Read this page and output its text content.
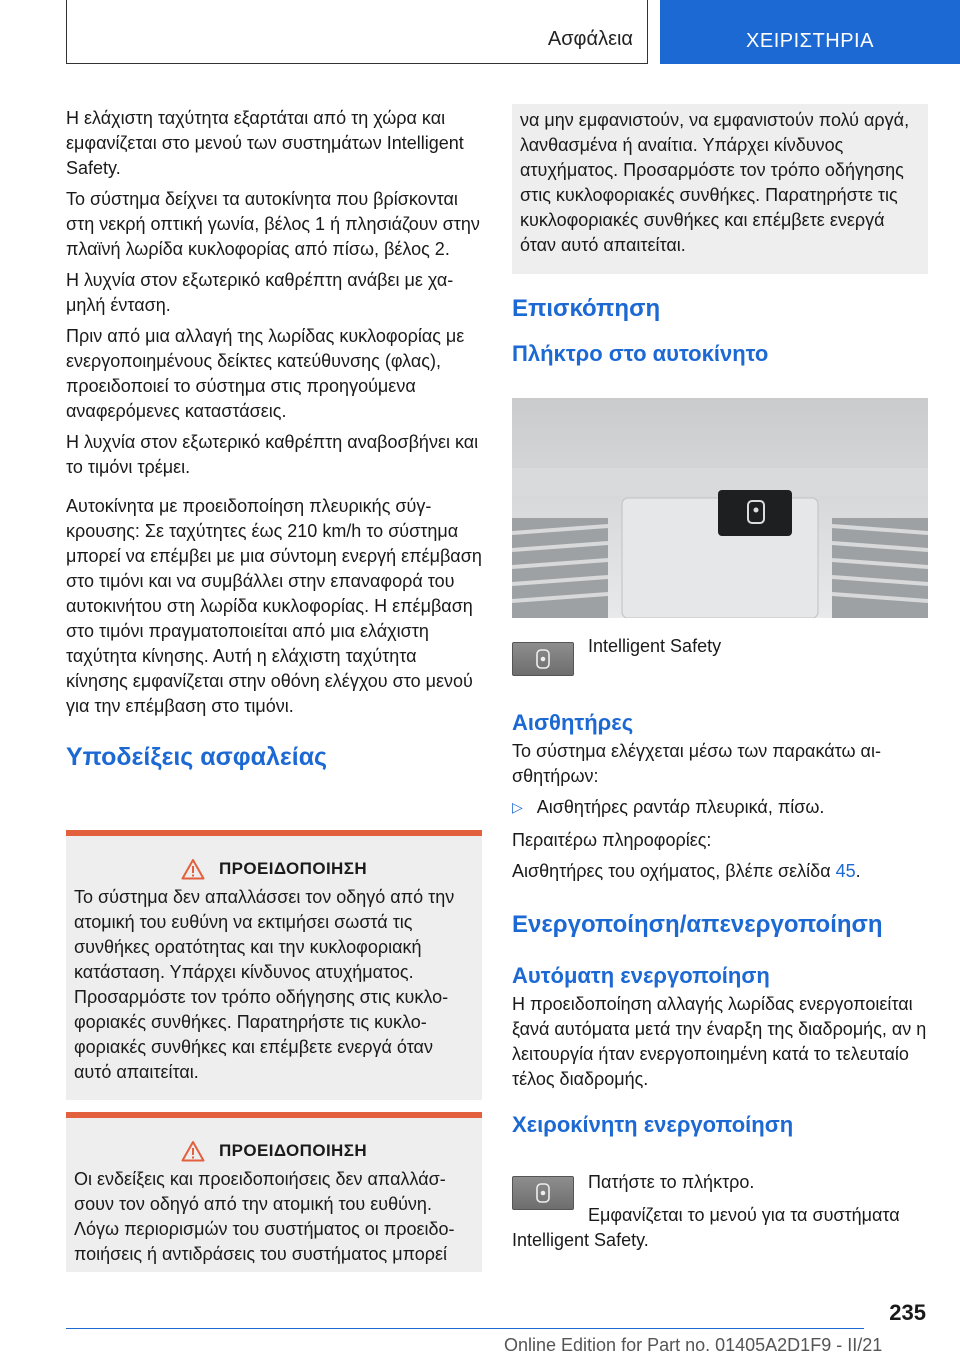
Ασφάλεια	ΧΕΙΡΙΣΤΗΡΙΑ

Η ελάχιστη ταχύτητα εξαρτάται από τη χώρα και εμφανίζεται στο μενού των συστημάτων Intelligent Safety.

Το σύστημα δείχνει τα αυτοκίνητα που βρίσκονται στη νεκρή οπτική γωνία, βέλος 1 ή πλησιάζουν στην πλαϊνή λωρίδα κυκλοφορίας από πίσω, βέλος 2.

Η λυχνία στον εξωτερικό καθρέπτη ανάβει με χαμηλή ένταση.

Πριν από μια αλλαγή της λωρίδας κυκλοφορίας με ενεργοποιημένους δείκτες κατεύθυνσης (φλας), προειδοποιεί το σύστημα στις προηγούμενα αναφερόμενες καταστάσεις.

Η λυχνία στον εξωτερικό καθρέπτη αναβοσβήνει και το τιμόνι τρέμει.

Αυτοκίνητα με προειδοποίηση πλευρικής σύγκρουσης: Σε ταχύτητες έως 210 km/h το σύστημα μπορεί να επέμβει με μια σύντομη ενεργή επέμβαση στο τιμόνι και να συμβάλλει στην επαναφορά του αυτοκινήτου στη λωρίδα κυκλοφορίας. Η επέμβαση στο τιμόνι πραγματοποιείται από μια ελάχιστη ταχύτητα κίνησης. Αυτή η ελάχιστη ταχύτητα κίνησης εμφανίζεται στην οθόνη ελέγχου στο μενού για την επέμβαση στο τιμόνι.

Υποδείξεις ασφαλείας
ΠΡΟΕΙΔΟΠΟΙΗΣΗ
Το σύστημα δεν απαλλάσσει τον οδηγό από την ατομική του ευθύνη να εκτιμήσει σωστά τις συνθήκες ορατότητας και την κυκλοφοριακή κατάσταση. Υπάρχει κίνδυνος ατυχήματος. Προσαρμόστε τον τρόπο οδήγησης στις κυκλοφοριακές συνθήκες. Παρατηρήστε τις κυκλοφοριακές συνθήκες και επέμβετε ενεργά όταν αυτό απαιτείται.
ΠΡΟΕΙΔΟΠΟΙΗΣΗ
Οι ενδείξεις και προειδοποιήσεις δεν απαλλάσσουν τον οδηγό από την ατομική του ευθύνη. Λόγω περιορισμών του συστήματος οι προειδοποιήσεις ή αντιδράσεις του συστήματος μπορεί
να μην εμφανιστούν, να εμφανιστούν πολύ αργά, λανθασμένα ή αναίτια. Υπάρχει κίνδυνος ατυχήματος. Προσαρμόστε τον τρόπο οδήγησης στις κυκλοφοριακές συνθήκες. Παρατηρήστε τις κυκλοφοριακές συνθήκες και επέμβετε ενεργά όταν αυτό απαιτείται.
Επισκόπηση
Πλήκτρο στο αυτοκίνητο
Intelligent Safety
Αισθητήρες

Το σύστημα ελέγχεται μέσω των παρακάτω αισθητήρων:

▷ Αισθητήρες ραντάρ πλευρικά, πίσω.

Περαιτέρω πληροφορίες:

Αισθητήρες του οχήματος, βλέπε σελίδα 45.

Ενεργοποίηση/απενεργοποίηση
Αυτόματη ενεργοποίηση

Η προειδοποίηση αλλαγής λωρίδας ενεργοποιείται ξανά αυτόματα μετά την έναρξη της διαδρομής, αν η λειτουργία ήταν ενεργοποιημένη κατά το τελευταίο τέλος διαδρομής.

Χειροκίνητη ενεργοποίηση
Πατήστε το πλήκτρο.
Εμφανίζεται το μενού για τα συστήματα Intelligent Safety.
235
Online Edition for Part no. 01405A2D1F9 - II/21
